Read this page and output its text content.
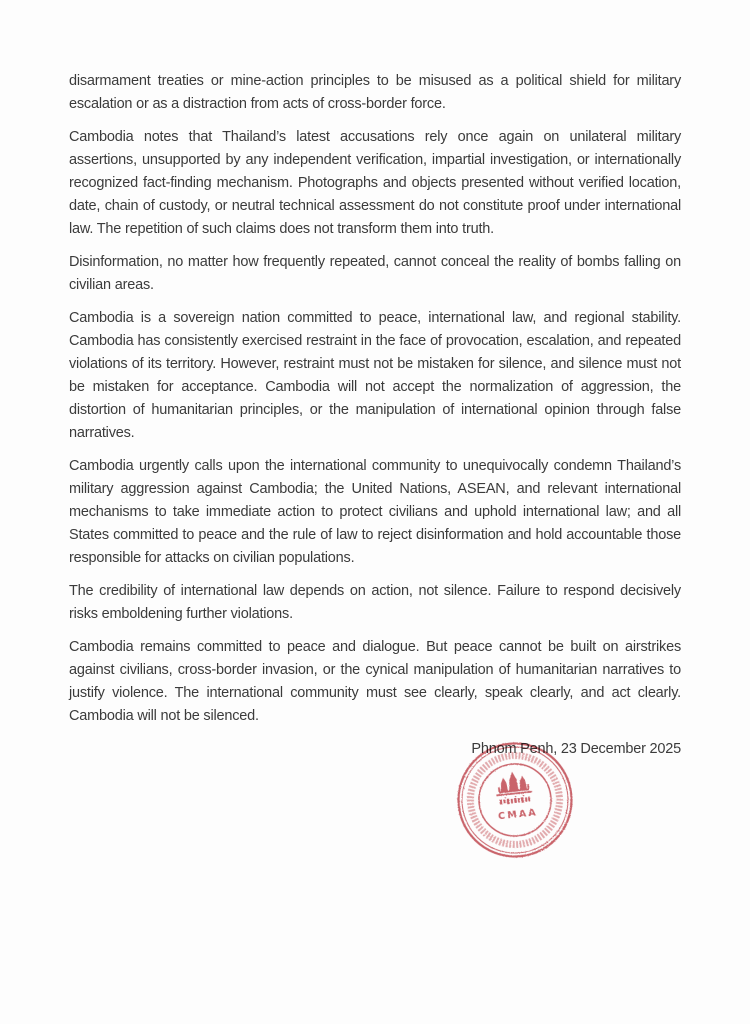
disarmament treaties or mine-action principles to be misused as a political shield for military escalation or as a distraction from acts of cross-border force.

Cambodia notes that Thailand’s latest accusations rely once again on unilateral military assertions, unsupported by any independent verification, impartial investigation, or internationally recognized fact-finding mechanism. Photographs and objects presented without verified location, date, chain of custody, or neutral technical assessment do not constitute proof under international law. The repetition of such claims does not transform them into truth.

Disinformation, no matter how frequently repeated, cannot conceal the reality of bombs falling on civilian areas.

Cambodia is a sovereign nation committed to peace, international law, and regional stability. Cambodia has consistently exercised restraint in the face of provocation, escalation, and repeated violations of its territory. However, restraint must not be mistaken for silence, and silence must not be mistaken for acceptance. Cambodia will not accept the normalization of aggression, the distortion of humanitarian principles, or the manipulation of international opinion through false narratives.

Cambodia urgently calls upon the international community to unequivocally condemn Thailand’s military aggression against Cambodia; the United Nations, ASEAN, and relevant international mechanisms to take immediate action to protect civilians and uphold international law; and all States committed to peace and the rule of law to reject disinformation and hold accountable those responsible for attacks on civilian populations.

The credibility of international law depends on action, not silence. Failure to respond decisively risks emboldening further violations.

Cambodia remains committed to peace and dialogue. But peace cannot be built on airstrikes against civilians, cross-border invasion, or the cynical manipulation of humanitarian narratives to justify violence. The international community must see clearly, speak clearly, and act clearly. Cambodia will not be silenced.

Phnom Penh, 23 December 2025
CMAA
